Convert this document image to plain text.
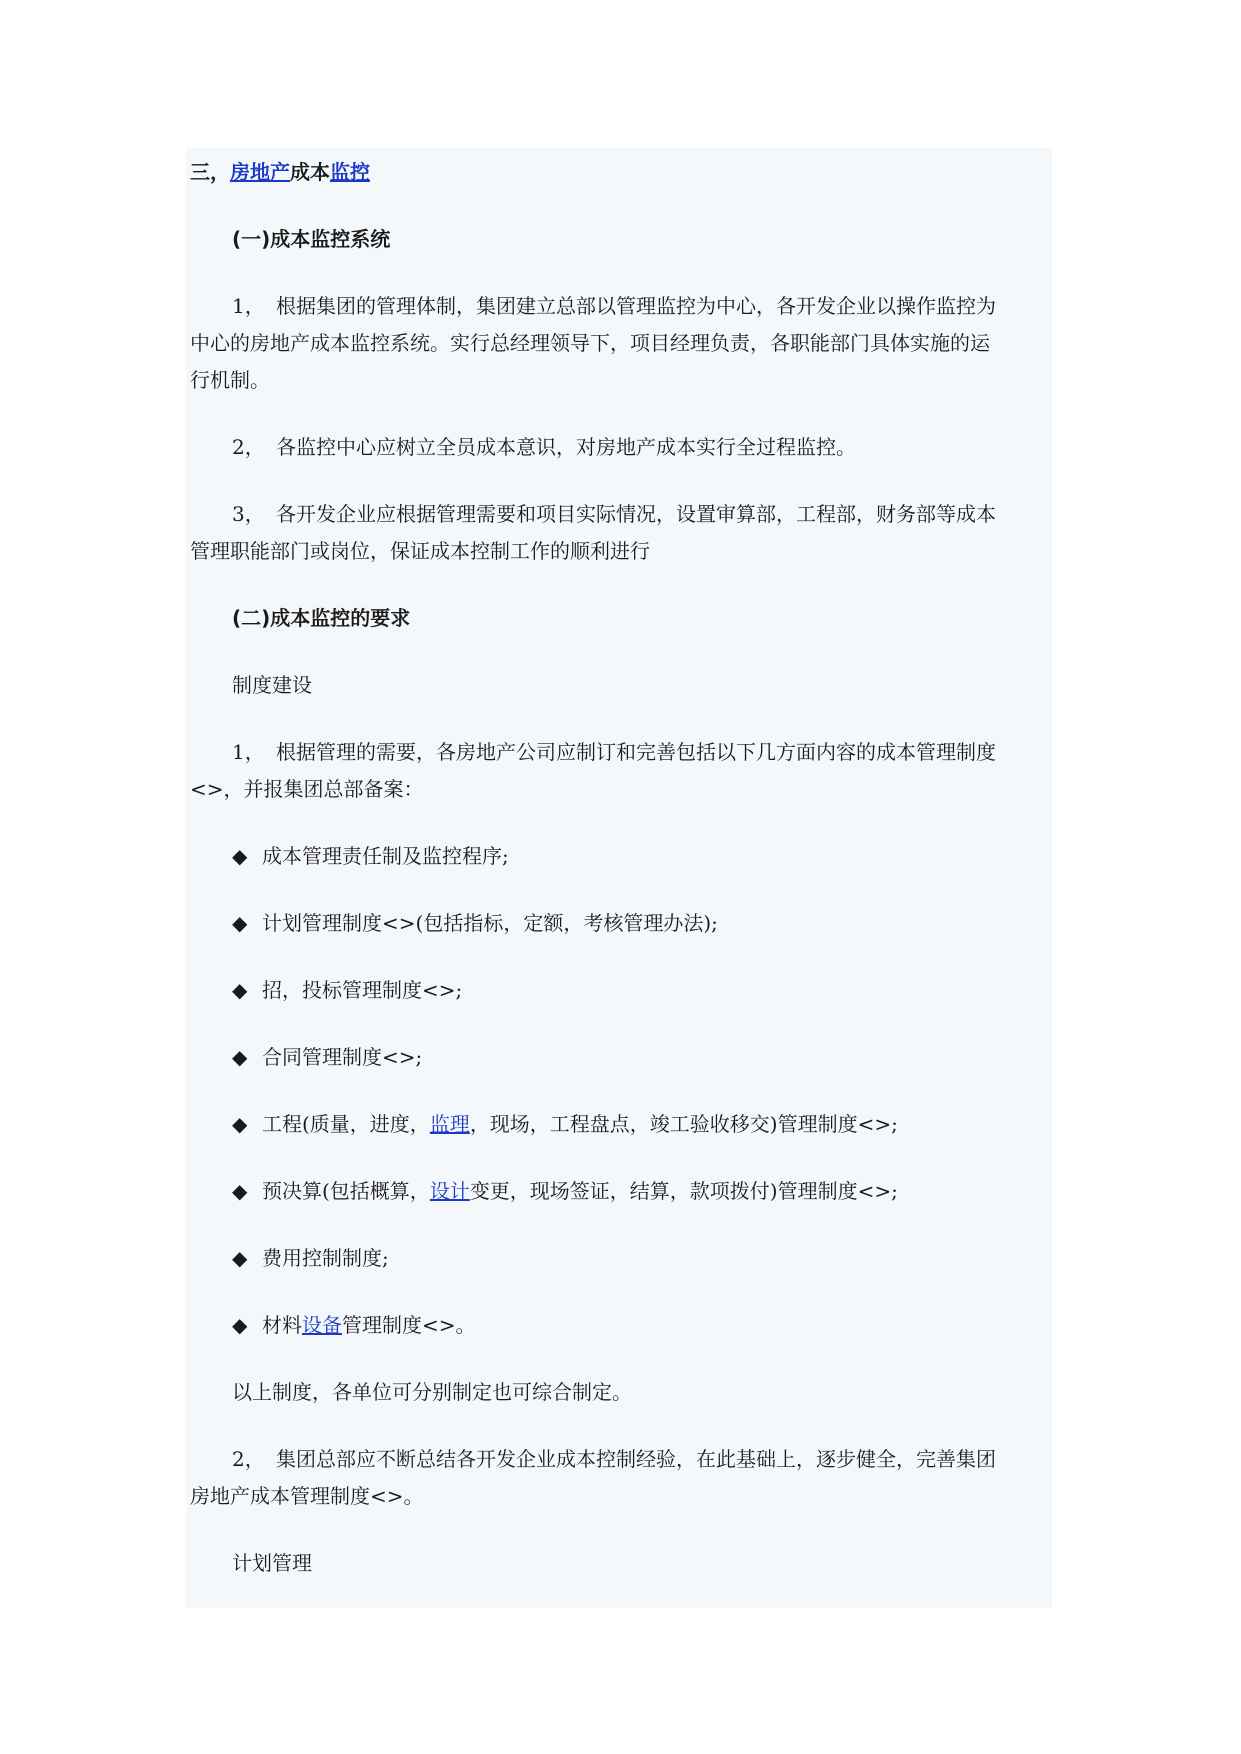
三，房地产成本监控
(一)成本监控系统
1， 根据集团的管理体制，集团建立总部以管理监控为中心，各开发企业以操作监控为
中心的房地产成本监控系统。实行总经理领导下，项目经理负责，各职能部门具体实施的运
行机制。
2， 各监控中心应树立全员成本意识，对房地产成本实行全过程监控。
3， 各开发企业应根据管理需要和项目实际情况，设置审算部，工程部，财务部等成本
管理职能部门或岗位，保证成本控制工作的顺利进行
(二)成本监控的要求
制度建设
1， 根据管理的需要，各房地产公司应制订和完善包括以下几方面内容的成本管理制度
<>，并报集团总部备案：
◆ 成本管理责任制及监控程序;
◆ 计划管理制度<>(包括指标，定额，考核管理办法);
◆ 招，投标管理制度<>;
◆ 合同管理制度<>;
◆ 工程(质量，进度，监理，现场，工程盘点，竣工验收移交)管理制度<>;
◆ 预决算(包括概算，设计变更，现场签证，结算，款项拨付)管理制度<>;
◆ 费用控制制度;
◆ 材料设备管理制度<>。
以上制度，各单位可分别制定也可综合制定。
2， 集团总部应不断总结各开发企业成本控制经验，在此基础上，逐步健全，完善集团
房地产成本管理制度<>。
计划管理
